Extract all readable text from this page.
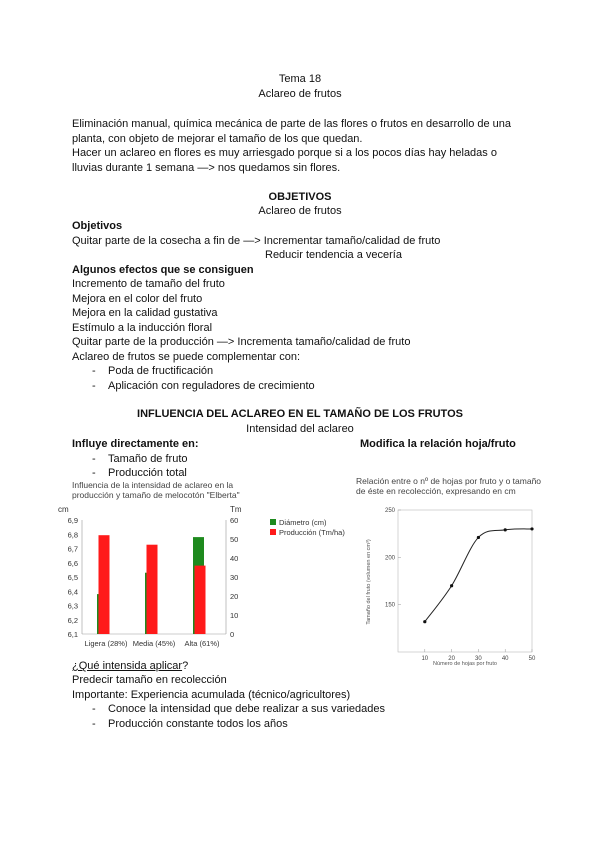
Tema 18
Aclareo de frutos
Eliminación manual, química mecánica de parte de las flores o frutos en desarrollo de una
planta, con objeto de mejorar el tamaño de los que quedan.
Hacer un aclareo en flores es muy arriesgado porque si a los pocos días hay heladas o
lluvias durante 1 semana —> nos quedamos sin flores.
OBJETIVOS
Aclareo de frutos
Objetivos
Quitar parte de la cosecha a fin de —> Incrementar tamaño/calidad de fruto
Reducir tendencia a vecería
Algunos efectos que se consiguen
Incremento de tamaño del fruto
Mejora en el color del fruto
Mejora en la calidad gustativa
Estímulo a la inducción floral
Quitar parte de la producción —> Incrementa tamaño/calidad de fruto
Aclareo de frutos se puede complementar con:
- Poda de fructificación
- Aplicación con reguladores de crecimiento
INFLUENCIA DEL ACLAREO EN EL TAMAÑO DE LOS FRUTOS
Intensidad del aclareo
Influye directamente en:
- Tamaño de fruto
- Producción total
Modifica la relación hoja/fruto
Influencia de la intensidad de aclareo en la
producción y tamaño de melocotón "Elberta"
Relación entre o nº de hojas por fruto y o tamaño
de éste en recolección, expresando en cm
cm	Tm
6,9
6,8
6,7
6,6
6,5
6,4
6,3
6,2
6,1
60
50
40
30
20
10
0
Ligera (28%) Media (45%) Alta (61%)
Diámetro (cm)
Producción (Tm/ha)
150
200
250
10	20	30	40	50
Tamaño del fruto (volumen en cm³)
Número de hojas por fruto
¿Qué intensida aplicar?
Predecir tamaño en recolección
Importante: Experiencia acumulada (técnico/agricultores)
- Conoce la intensidad que debe realizar a sus variedades
- Producción constante todos los años
